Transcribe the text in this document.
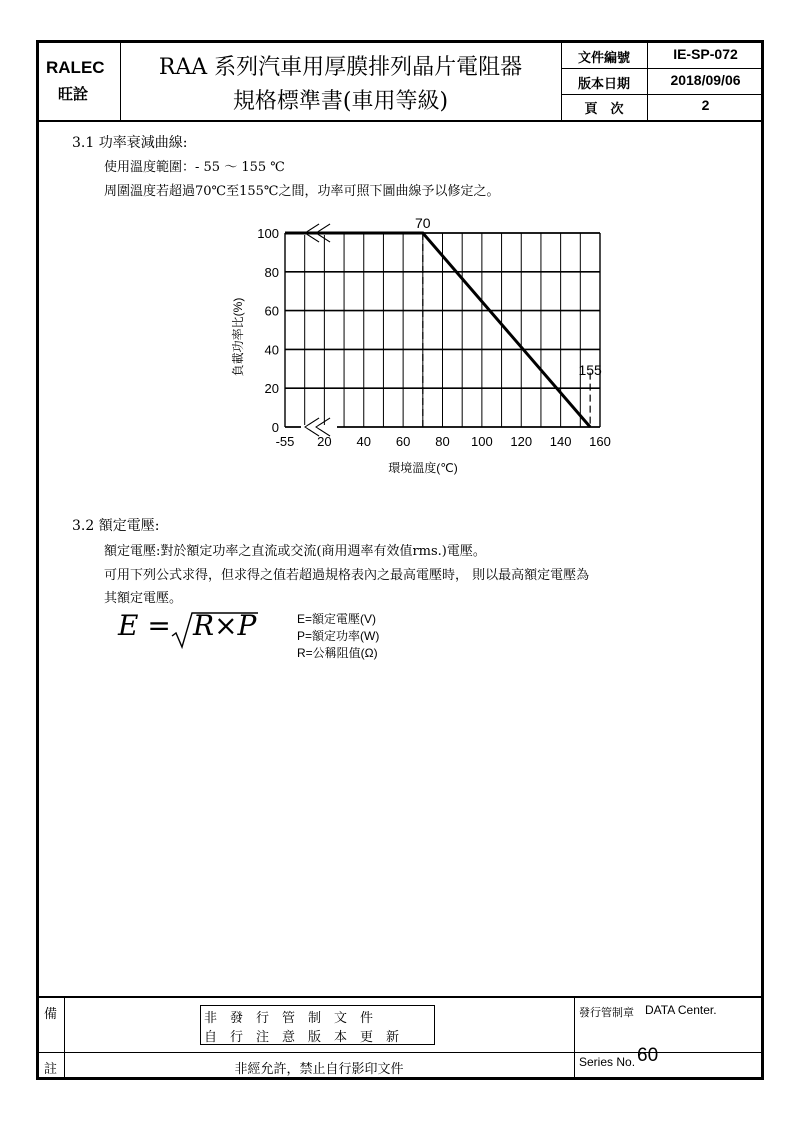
RALEC
旺詮
RAA 系列汽車用厚膜排列晶片電阻器
規格標準書(車用等級)
文件編號	IE-SP-072
版本日期	2018/09/06
頁　次	2
3.1 功率衰減曲線:
使用溫度範圍：- 55 ～ 155 ℃
周圍溫度若超過70℃至155℃之間，功率可照下圖曲線予以修定之。
0
20
40
60
80
100
-55 20 40 60 80 100 120 140 160
70
155
環境溫度(℃)
負載功率比(%)
3.2 額定電壓:
額定電壓:對於額定功率之直流或交流(商用週率有效值rms.)電壓。
可用下列公式求得，但求得之值若超過規格表內之最高電壓時， 則以最高額定電壓為
其額定電壓。
E = R×P	E=額定電壓(V)
P=額定功率(W)
R=公稱阻值(Ω)
備
註
非　發　行　管　制　文　件
自　行　注　意　版　本　更　新
非經允許，禁止自行影印文件
發行管制章 DATA Center.
Series No. 60
